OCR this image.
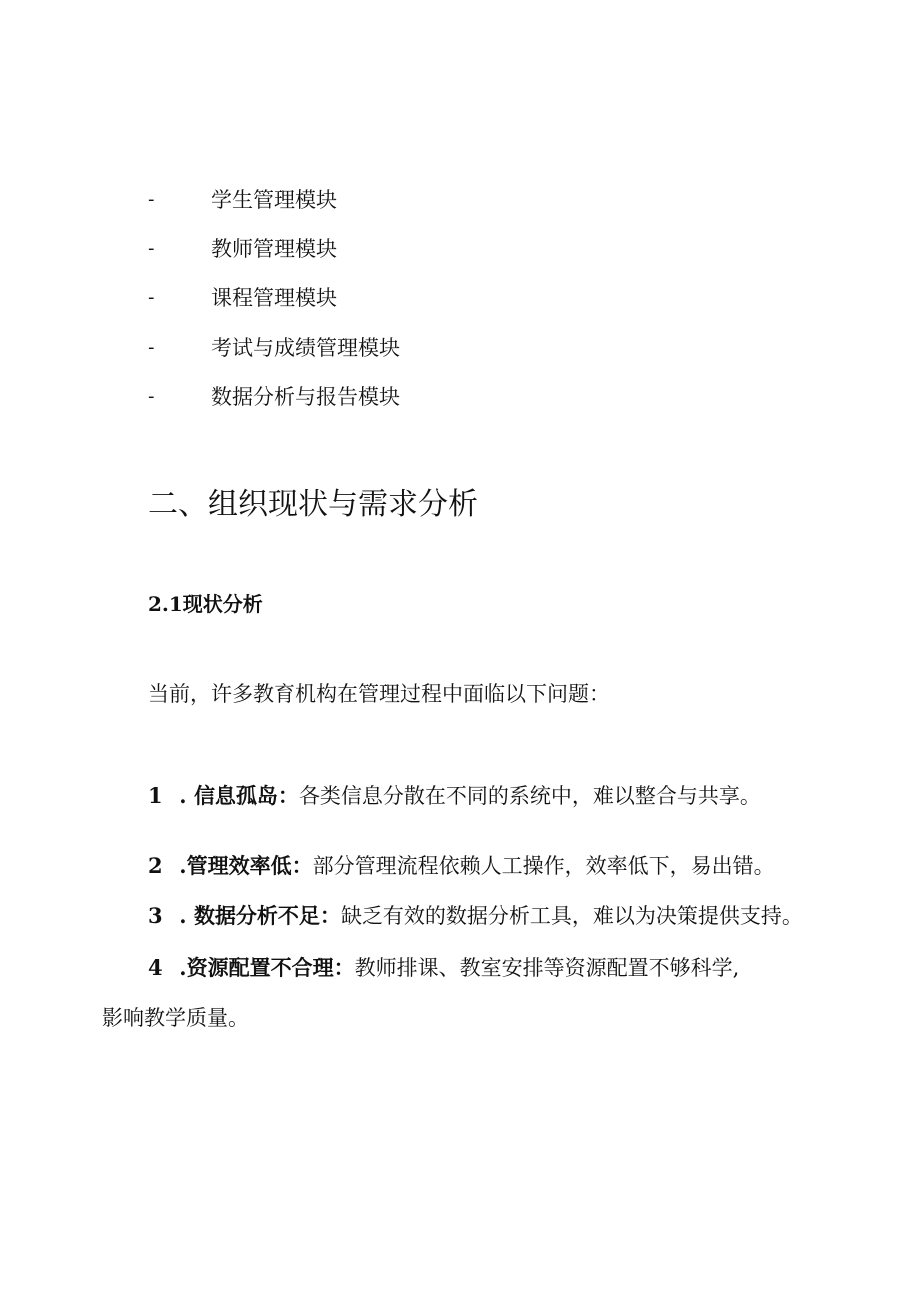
-	学生管理模块
-	教师管理模块
-	课程管理模块
-	考试与成绩管理模块
-	数据分析与报告模块
二、组织现状与需求分析
2.1现状分析
当前，许多教育机构在管理过程中面临以下问题：
1 . 信息孤岛：各类信息分散在不同的系统中，难以整合与共享。
2 .管理效率低：部分管理流程依赖人工操作，效率低下，易出错。
3 . 数据分析不足：缺乏有效的数据分析工具，难以为决策提供支持。
4 .资源配置不合理：教师排课、教室安排等资源配置不够科学,
影响教学质量。
